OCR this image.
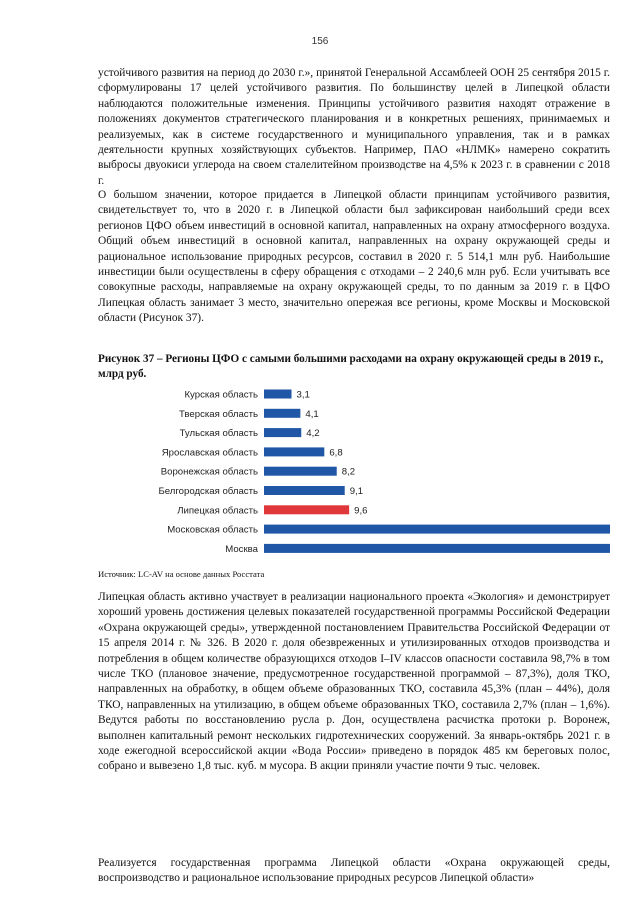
156

устойчивого развития на период до 2030 г.», принятой Генеральной Ассамблеей ООН 25 сентября 2015 г. сформулированы 17 целей устойчивого развития. По большинству целей в Липецкой области наблюдаются положительные изменения. Принципы устойчивого развития находят отражение в положениях документов стратегического планирования и в конкретных решениях, принимаемых и реализуемых, как в системе государственного и муниципального управления, так и в рамках деятельности крупных хозяйствующих субъектов. Например, ПАО «НЛМК» намерено сократить выбросы двуокиси углерода на своем сталелитейном производстве на 4,5% к 2023 г. в сравнении с 2018 г.

О большом значении, которое придается в Липецкой области принципам устойчивого развития, свидетельствует то, что в 2020 г. в Липецкой области был зафиксирован наибольший среди всех регионов ЦФО объем инвестиций в основной капитал, направленных на охрану атмосферного воздуха. Общий объем инвестиций в основной капитал, направленных на охрану окружающей среды и рациональное использование природных ресурсов, составил в 2020 г. 5 514,1 млн руб. Наибольшие инвестиции были осуществлены в сферу обращения с отходами – 2 240,6 млн руб. Если учитывать все совокупные расходы, направляемые на охрану окружающей среды, то по данным за 2019 г. в ЦФО Липецкая область занимает 3 место, значительно опережая все регионы, кроме Москвы и Московской области (Рисунок 37).

Рисунок 37 – Регионы ЦФО с самыми большими расходами на охрану окружающей среды в 2019 г., млрд руб.

Курская область
Тверская область
Тульская область
Ярославская область
Воронежская область
Белгородская область
Липецкая область
Московская область
Москва
3,1
4,1
4,2
6,8
8,2
9,1
9,6

Источник: LC-AV на основе данных Росстата

Липецкая область активно участвует в реализации национального проекта «Экология» и демонстрирует хороший уровень достижения целевых показателей государственной программы Российской Федерации «Охрана окружающей среды», утвержденной постановлением Правительства Российской Федерации от 15 апреля 2014 г. № 326. В 2020 г. доля обезвреженных и утилизированных отходов производства и потребления в общем количестве образующихся отходов I–IV классов опасности составила 98,7% в том числе ТКО (плановое значение, предусмотренное государственной программой – 87,3%), доля ТКО, направленных на обработку, в общем объеме образованных ТКО, составила 45,3% (план – 44%), доля ТКО, направленных на утилизацию, в общем объеме образованных ТКО, составила 2,7% (план – 1,6%). Ведутся работы по восстановлению русла р. Дон, осуществлена расчистка протоки р. Воронеж, выполнен капитальный ремонт нескольких гидротехнических сооружений. За январь-октябрь 2021 г. в ходе ежегодной всероссийской акции «Вода России» приведено в порядок 485 км береговых полос, собрано и вывезено 1,8 тыс. куб. м мусора. В акции приняли участие почти 9 тыс. человек.

Реализуется государственная программа Липецкой области «Охрана окружающей среды, воспроизводство и рациональное использование природных ресурсов Липецкой области»
